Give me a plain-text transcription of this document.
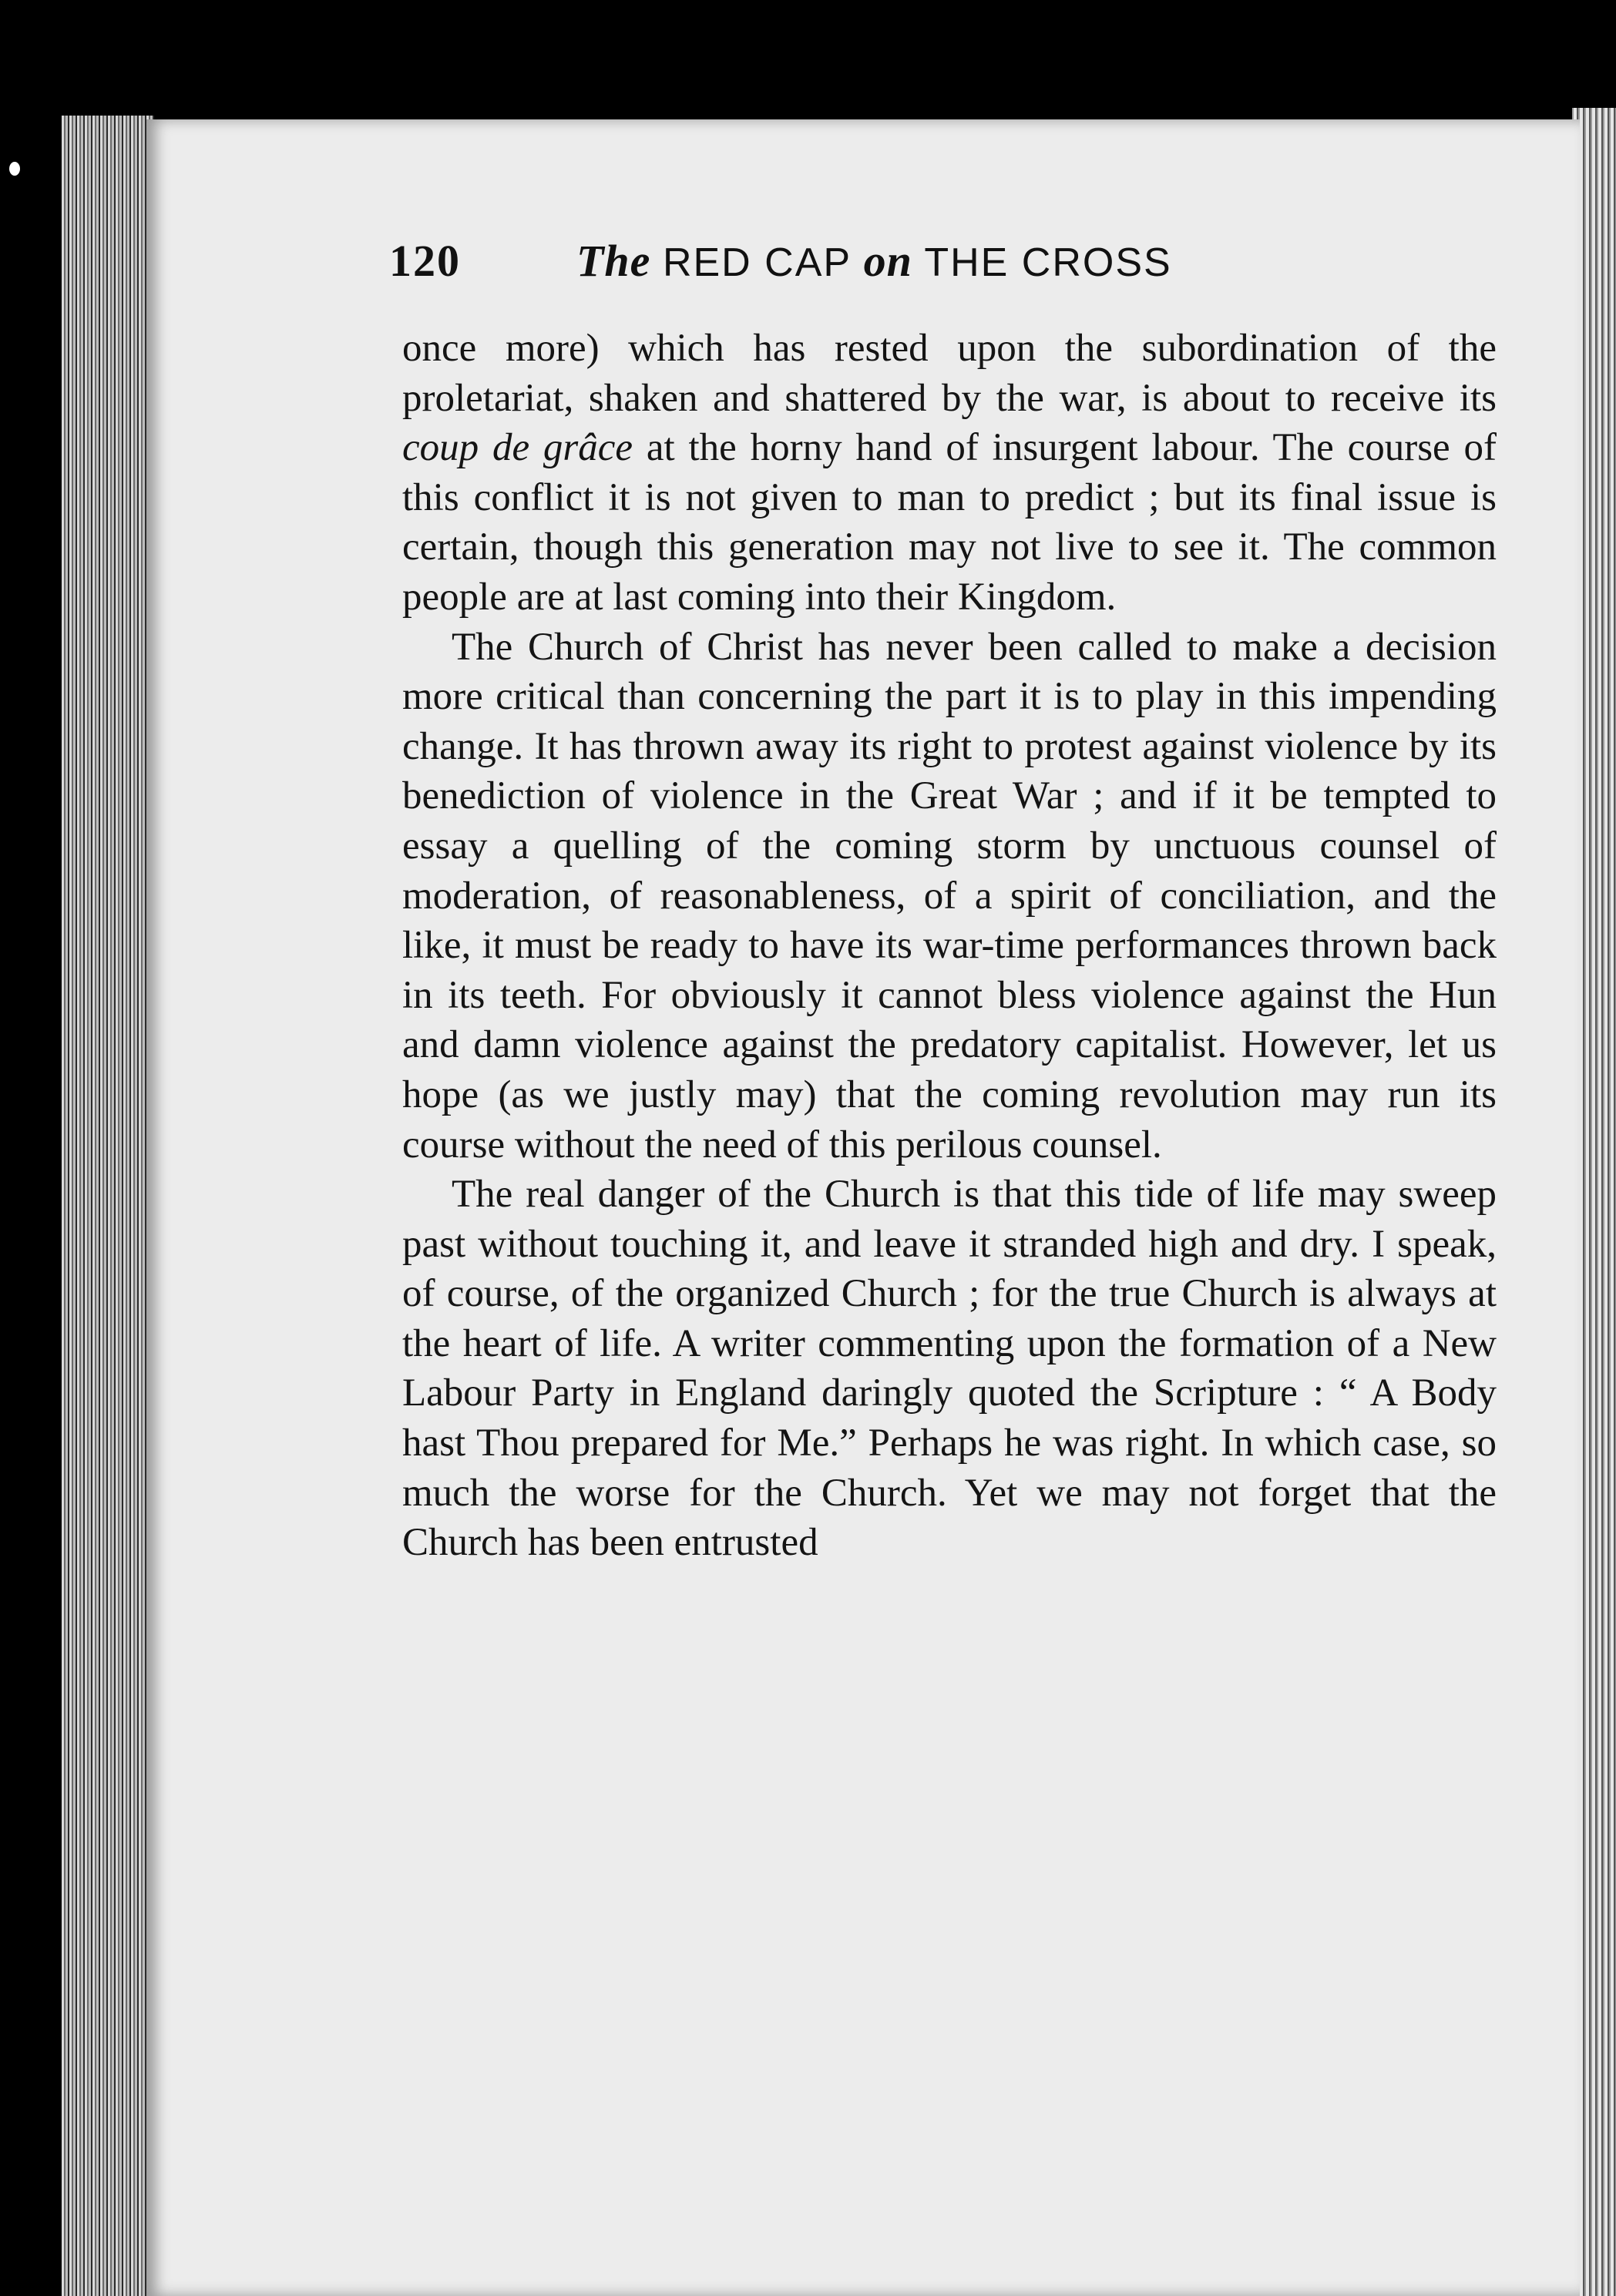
120	The RED CAP on THE CROSS

once more) which has rested upon the subordination of the proletariat, shaken and shattered by the war, is about to receive its coup de grâce at the horny hand of insurgent labour. The course of this conflict it is not given to man to predict ; but its final issue is certain, though this generation may not live to see it. The common people are at last coming into their Kingdom.

The Church of Christ has never been called to make a decision more critical than concerning the part it is to play in this impending change. It has thrown away its right to protest against violence by its benediction of violence in the Great War ; and if it be tempted to essay a quelling of the coming storm by unctuous counsel of moderation, of reasonableness, of a spirit of conciliation, and the like, it must be ready to have its war-time performances thrown back in its teeth. For obviously it cannot bless violence against the Hun and damn violence against the predatory capitalist. However, let us hope (as we justly may) that the coming revolution may run its course without the need of this perilous counsel.

The real danger of the Church is that this tide of life may sweep past without touching it, and leave it stranded high and dry. I speak, of course, of the organized Church ; for the true Church is always at the heart of life. A writer commenting upon the formation of a New Labour Party in England daringly quoted the Scripture : “ A Body hast Thou prepared for Me.” Perhaps he was right. In which case, so much the worse for the Church. Yet we may not forget that the Church has been entrusted
